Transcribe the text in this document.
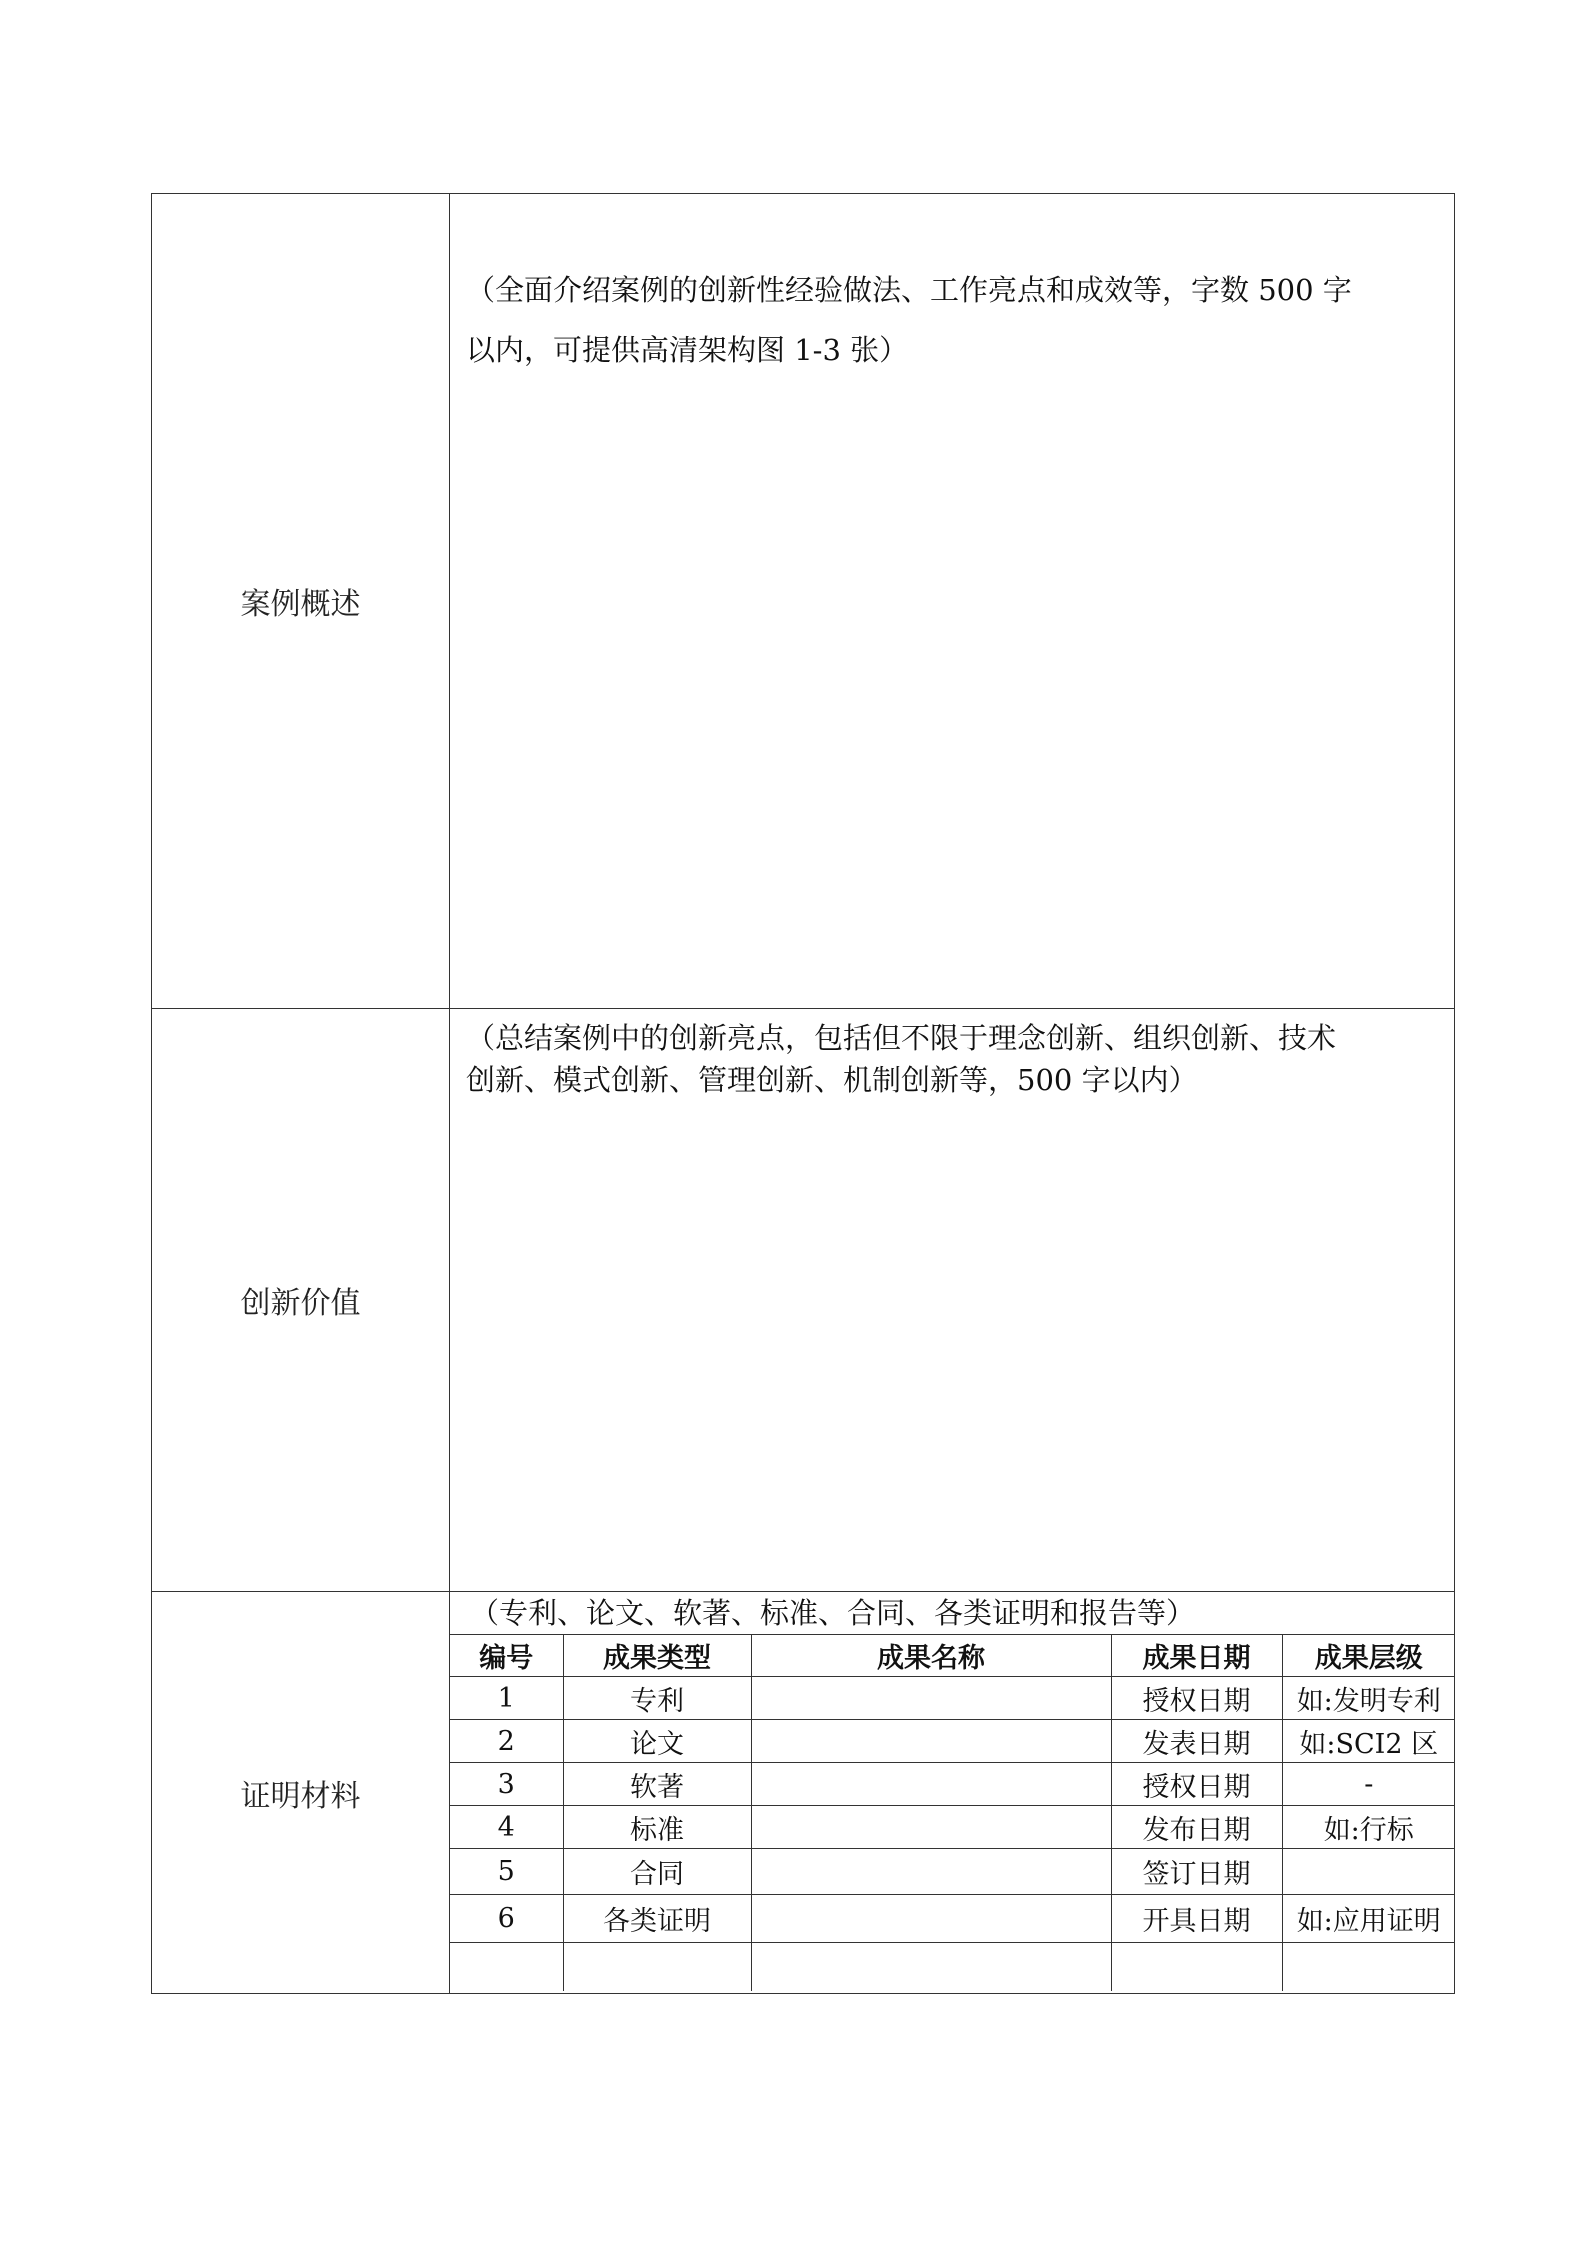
案例概述	
（全面介绍案例的创新性经验做法、工作亮点和成效等，字数 500 字
以内，可提供高清架构图 1-3 张）

创新价值	
（总结案例中的创新亮点，包括但不限于理念创新、组织创新、技术
创新、模式创新、管理创新、机制创新等，500 字以内）

证明材料	
（专利、论文、软著、标准、合同、各类证明和报告等）
编号	成果类型	成果名称	成果日期	成果层级
1	专利		授权日期	如:发明专利
2	论文		发表日期	如:SCI2 区
3	软著		授权日期	-
4	标准		发布日期	如:行标
5	合同		签订日期	
6	各类证明		开具日期	如:应用证明
